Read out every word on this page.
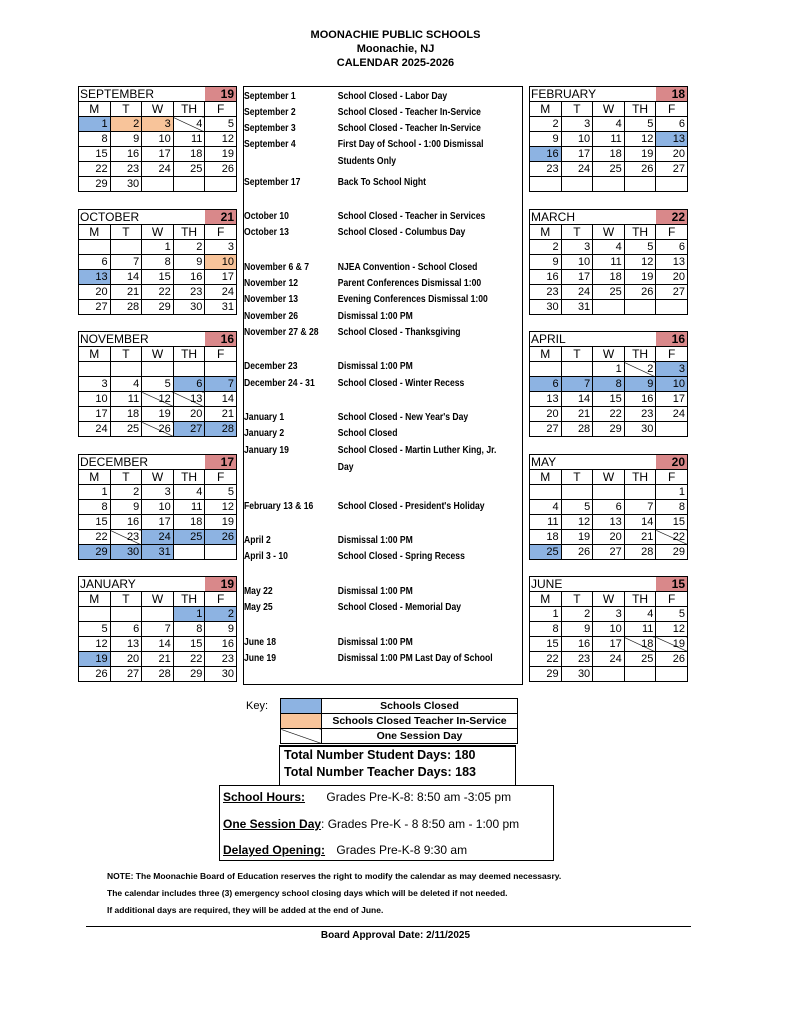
MOONACHIE PUBLIC SCHOOLS
Moonachie, NJ
CALENDAR 2025-2026
SEPTEMBER				19
M	T	W	TH	F
1	2	3	4	5
8	9	10	11	12
15	16	17	18	19
22	23	24	25	26
29	30			
OCTOBER				21
M	T	W	TH	F
		1	2	3
6	7	8	9	10
13	14	15	16	17
20	21	22	23	24
27	28	29	30	31
NOVEMBER				16
M	T	W	TH	F

3	4	5	6	7
10	11	12	13	14
17	18	19	20	21
24	25	26	27	28
DECEMBER				17
M	T	W	TH	F
1	2	3	4	5
8	9	10	11	12
15	16	17	18	19
22	23	24	25	26
29	30	31		
JANUARY				19
M	T	W	TH	F
			1	2
5	6	7	8	9
12	13	14	15	16
19	20	21	22	23
26	27	28	29	30
FEBRUARY				18
M	T	W	TH	F
2	3	4	5	6
9	10	11	12	13
16	17	18	19	20
23	24	25	26	27

MARCH				22
M	T	W	TH	F
2	3	4	5	6
9	10	11	12	13
16	17	18	19	20
23	24	25	26	27
30	31			
APRIL				16
M	T	W	TH	F
		1	2	3
6	7	8	9	10
13	14	15	16	17
20	21	22	23	24
27	28	29	30	
MAY				20
M	T	W	TH	F
				1
4	5	6	7	8
11	12	13	14	15
18	19	20	21	22
25	26	27	28	29
JUNE				15
M	T	W	TH	F
1	2	3	4	5
8	9	10	11	12
15	16	17	18	19
22	23	24	25	26
29	30			
September 1	School Closed - Labor Day
September 2	School Closed - Teacher In-Service
September 3	School Closed - Teacher In-Service
September 4	First Day of School - 1:00 Dismissal
Students Only
September 17	Back To School Night
October 10	School Closed - Teacher in Services
October 13	School Closed - Columbus Day
November 6 & 7	NJEA Convention - School Closed
November 12	Parent Conferences Dismissal 1:00
November 13	Evening Conferences Dismissal 1:00
November 26	Dismissal 1:00 PM
November 27 & 28 School Closed - Thanksgiving
December 23	Dismissal 1:00 PM
December 24 - 31 School Closed - Winter Recess
January 1	School Closed - New Year's Day
January 2	School Closed
January 19	School Closed - Martin Luther King, Jr.
Day
February 13 & 16 School Closed - President's Holiday
April 2	Dismissal 1:00 PM
April 3 - 10	School Closed - Spring Recess
May 22	Dismissal 1:00 PM
May 25	School Closed - Memorial Day
June 18	Dismissal 1:00 PM
June 19	Dismissal 1:00 PM Last Day of School
Key:
		Schools Closed
	Schools Closed Teacher In-Service
	One Session Day
Total Number Student Days: 180
Total Number Teacher Days: 183
School Hours: Grades Pre-K-8: 8:50 am -3:05 pm
One Session Day: Grades Pre-K - 8 8:50 am - 1:00 pm
Delayed Opening: Grades Pre-K-8 9:30 am
NOTE: The Moonachie Board of Education reserves the right to modify the calendar as may deemed necessasry.
The calendar includes three (3) emergency school closing days which will be deleted if not needed.
If additional days are required, they will be added at the end of June.
Board Approval Date: 2/11/2025
